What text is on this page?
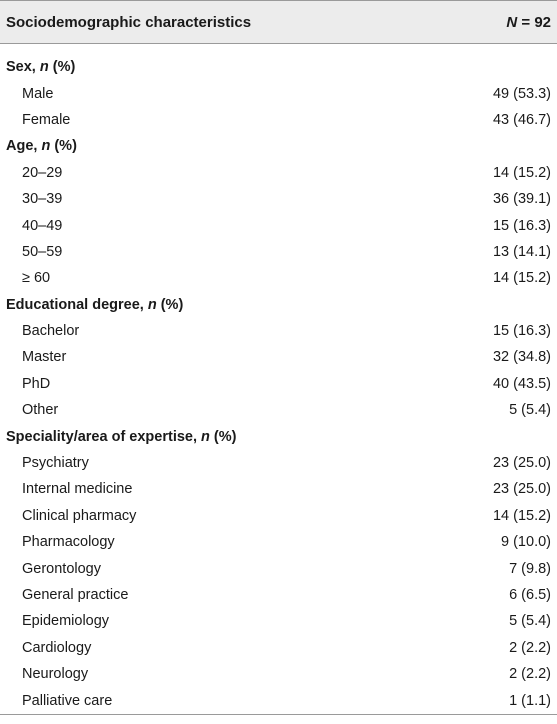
Sociodemographic characteristics	N = 92
Sex, n (%)
Male	49 (53.3)
Female	43 (46.7)
Age, n (%)
20–29	14 (15.2)
30–39	36 (39.1)
40–49	15 (16.3)
50–59	13 (14.1)
≥ 60	14 (15.2)
Educational degree, n (%)
Bachelor	15 (16.3)
Master	32 (34.8)
PhD	40 (43.5)
Other	5 (5.4)
Speciality/area of expertise, n (%)
Psychiatry	23 (25.0)
Internal medicine	23 (25.0)
Clinical pharmacy	14 (15.2)
Pharmacology	9 (10.0)
Gerontology	7 (9.8)
General practice	6 (6.5)
Epidemiology	5 (5.4)
Cardiology	2 (2.2)
Neurology	2 (2.2)
Palliative care	1 (1.1)
